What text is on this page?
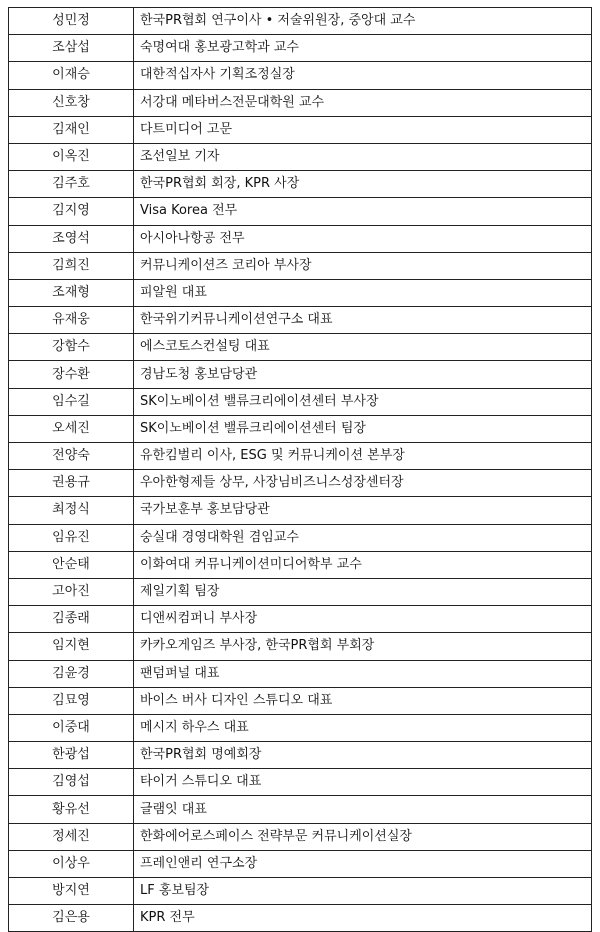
성민정	한국PR협회 연구이사 • 저술위원장, 중앙대 교수
조삼섭	숙명여대 홍보광고학과 교수
이재승	대한적십자사 기획조정실장
신호창	서강대 메타버스전문대학원 교수
김재인	다트미디어 고문
이옥진	조선일보 기자
김주호	한국PR협회 회장, KPR 사장
김지영	Visa Korea 전무
조영석	아시아나항공 전무
김희진	커뮤니케이션즈 코리아 부사장
조재형	피알원 대표
유재웅	한국위기커뮤니케이션연구소 대표
강함수	에스코토스컨설팅 대표
장수환	경남도청 홍보담당관
임수길	SK이노베이션 밸류크리에이션센터 부사장
오세진	SK이노베이션 밸류크리에이션센터 팀장
전양숙	유한킴벌리 이사, ESG 및 커뮤니케이션 본부장
권용규	우아한형제들 상무, 사장님비즈니스성장센터장
최정식	국가보훈부 홍보담당관
임유진	숭실대 경영대학원 겸임교수
안순태	이화여대 커뮤니케이션미디어학부 교수
고아진	제일기획 팀장
김종래	디앤씨컴퍼니 부사장
임지현	카카오게임즈 부사장, 한국PR협회 부회장
김윤경	팬덤퍼널 대표
김묘영	바이스 버사 디자인 스튜디오 대표
이중대	메시지 하우스 대표
한광섭	한국PR협회 명예회장
김영섭	타이거 스튜디오 대표
황유선	글램잇 대표
정세진	한화에어로스페이스 전략부문 커뮤니케이션실장
이상우	프레인앤리 연구소장
방지연	LF 홍보팀장
김은용	KPR 전무
